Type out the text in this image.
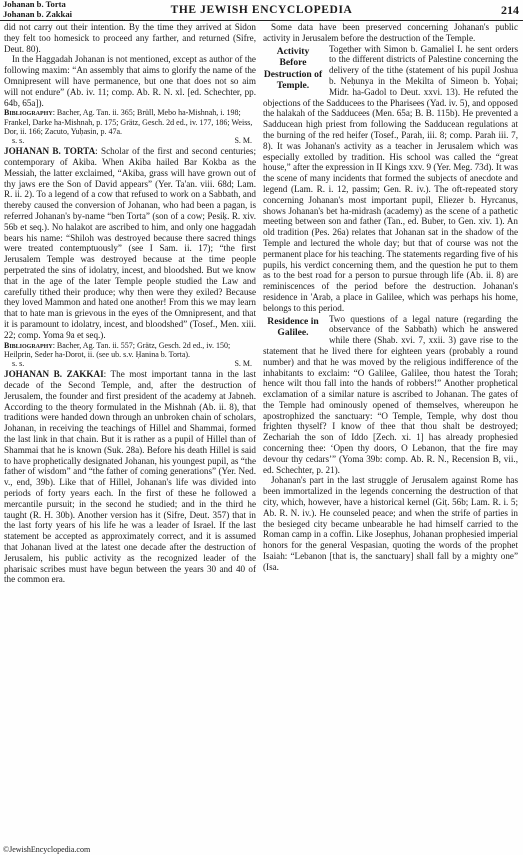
Johanan b. Torta
Johanan b. Zakkai	THE JEWISH ENCYCLOPEDIA	214

did not carry out their intention. By the time they arrived at Sidon they felt too homesick to proceed any farther, and returned (Sifre, Deut. 80).

In the Haggadah Johanan is not mentioned, except as author of the following maxim: “An assembly that aims to glorify the name of the Omnipresent will have permanence, but one that does not so aim will not endure” (Ab. iv. 11; comp. Ab. R. N. xl. [ed. Schechter, pp. 64b, 65a]).

Bibliography: Bacher, Ag. Tan. ii. 365; Brüll, Mebo ha-Mishnah, i. 198; Frankel, Darke ha-Mishnah, p. 175; Grätz, Gesch. 2d ed., iv. 177, 186; Weiss, Dor, ii. 166; Zacuto, Yuḥasin, p. 47a.
s. s.	S. M.

JOHANAN B. TORTA: Scholar of the first and second centuries; contemporary of Akiba. When Akiba hailed Bar Kokba as the Messiah, the latter exclaimed, “Akiba, grass will have grown out of thy jaws ere the Son of David appears” (Yer. Ta'an. viii. 68d; Lam. R. ii. 2). To a legend of a cow that refused to work on a Sabbath, and thereby caused the conversion of Johanan, who had been a pagan, is referred Johanan's by-name “ben Torta” (son of a cow; Pesiḳ. R. xiv. 56b et seq.). No halakot are ascribed to him, and only one haggadah bears his name: “Shiloh was destroyed because there sacred things were treated contemptuously” (see I Sam. ii. 17); “the first Jerusalem Temple was destroyed because at the time people perpetrated the sins of idolatry, incest, and bloodshed. But we know that in the age of the later Temple people studied the Law and carefully tithed their produce; why then were they exiled? Because they loved Mammon and hated one another! From this we may learn that to hate man is grievous in the eyes of the Omnipresent, and that it is paramount to idolatry, incest, and bloodshed” (Tosef., Men. xiii. 22; comp. Yoma 9a et seq.).

Bibliography: Bacher, Ag. Tan. ii. 557; Grätz, Gesch. 2d ed., iv. 150; Heilprin, Seder ha-Dorot, ii. (see ub. s.v. Ḥanina b. Torta).
s. s.	S. M.

JOHANAN B. ZAKKAI: The most important tanna in the last decade of the Second Temple, and, after the destruction of Jerusalem, the founder and first president of the academy at Jabneh. According to the theory formulated in the Mishnah (Ab. ii. 8), that traditions were handed down through an unbroken chain of scholars, Johanan, in receiving the teachings of Hillel and Shammai, formed the last link in that chain. But it is rather as a pupil of Hillel than of Shammai that he is known (Suk. 28a). Before his death Hillel is said to have prophetically designated Johanan, his youngest pupil, as “the father of wisdom” and “the father of coming generations” (Yer. Ned. v., end, 39b). Like that of Hillel, Johanan's life was divided into periods of forty years each. In the first of these he followed a mercantile pursuit; in the second he studied; and in the third he taught (R. H. 30b). Another version has it (Sifre, Deut. 357) that in the last forty years of his life he was a leader of Israel. If the last statement be accepted as approximately correct, and it is assumed that Johanan lived at the latest one decade after the destruction of Jerusalem, his public activity as the recognized leader of the pharisaic scribes must have begun between the years 30 and 40 of the common era.

Some data have been preserved concerning Johanan's public activity in Jerusalem before the destruction of the Temple.

Activity Before Destruction of Temple.

Together with Simon b. Gamaliel I. he sent orders to the different districts of Palestine concerning the delivery of the tithe (statement of his pupil Joshua b. Neḥunya in the Mekilta of Simeon b. Yoḥai; Midr. ha-Gadol to Deut. xxvi. 13). He refuted the objections of the Sadducees to the Pharisees (Yad. iv. 5), and opposed the halakah of the Sadducees (Men. 65a; B. B. 115b). He prevented a Sadducean high priest from following the Sadducean regulations at the burning of the red heifer (Tosef., Parah, iii. 8; comp. Parah iii. 7, 8). It was Johanan's activity as a teacher in Jerusalem which was especially extolled by tradition. His school was called the “great house,” after the expression in II Kings xxv. 9 (Yer. Meg. 73d). It was the scene of many incidents that formed the subjects of anecdote and legend (Lam. R. i. 12, passim; Gen. R. iv.). The oft-repeated story concerning Johanan's most important pupil, Eliezer b. Hyrcanus, shows Johanan's bet ha-midrash (academy) as the scene of a pathetic meeting between son and father (Tan., ed. Buber, to Gen. xiv. 1). An old tradition (Pes. 26a) relates that Johanan sat in the shadow of the Temple and lectured the whole day; but that of course was not the permanent place for his teaching. The statements regarding five of his pupils, his verdict concerning them, and the question he put to them as to the best road for a person to pursue through life (Ab. ii. 8) are reminiscences of the period before the destruction. Johanan's residence in 'Arab, a place in Galilee, which was perhaps his home, belongs to this period.

Residence in Galilee.

Two questions of a legal nature (regarding the observance of the Sabbath) which he answered while there (Shab. xvi. 7, xxii. 3) gave rise to the statement that he lived there for eighteen years (probably a round number) and that he was moved by the religious indifference of the inhabitants to exclaim: “O Galilee, Galilee, thou hatest the Torah; hence wilt thou fall into the hands of robbers!” Another prophetical exclamation of a similar nature is ascribed to Johanan. The gates of the Temple had ominously opened of themselves, whereupon he apostrophized the sanctuary: “O Temple, Temple, why dost thou frighten thyself? I know of thee that thou shalt be destroyed; Zechariah the son of Iddo [Zech. xi. 1] has already prophesied concerning thee: ‘Open thy doors, O Lebanon, that the fire may devour thy cedars’” (Yoma 39b: comp. Ab. R. N., Recension B, vii., ed. Schechter, p. 21).

Johanan's part in the last struggle of Jerusalem against Rome has been immortalized in the legends concerning the destruction of that city, which, however, have a historical kernel (Giṭ. 56b; Lam. R. i. 5; Ab. R. N. iv.). He counseled peace; and when the strife of parties in the besieged city became unbearable he had himself carried to the Roman camp in a coffin. Like Josephus, Johanan prophesied imperial honors for the general Vespasian, quoting the words of the prophet Isaiah: “Lebanon [that is, the sanctuary] shall fall by a mighty one” (Isa.

©JewishEncyclopedia.com
